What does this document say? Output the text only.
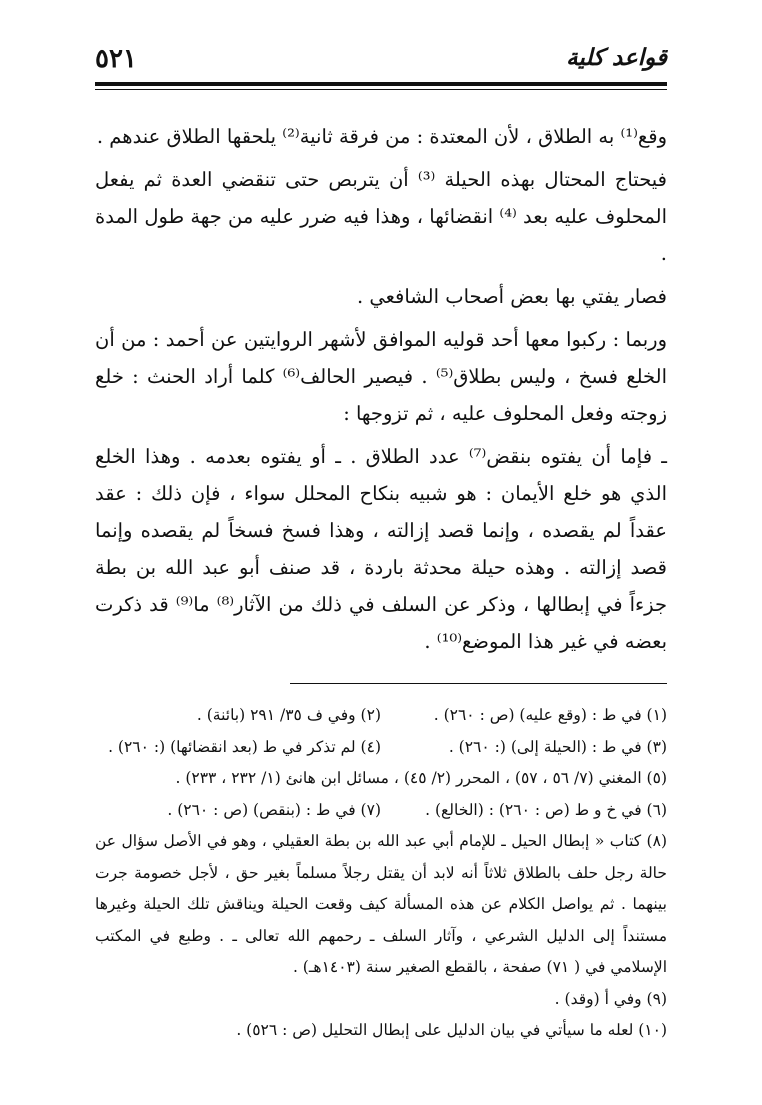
قواعد كلية
٥٢١

وقع⁽¹⁾ به الطلاق ، لأن المعتدة : من فرقة ثانية⁽²⁾ يلحقها الطلاق عندهم .

فيحتاج المحتال بهذه الحيلة ⁽³⁾ أن يتربص حتى تنقضي العدة ثم يفعل المحلوف عليه بعد ⁽⁴⁾ انقضائها ، وهذا فيه ضرر عليه من جهة طول المدة .

فصار يفتي بها بعض أصحاب الشافعي .

وربما : ركبوا معها أحد قوليه الموافق لأشهر الروايتين عن أحمد : من أن الخلع فسخ ، وليس بطلاق⁽⁵⁾ . فيصير الحالف⁽⁶⁾ كلما أراد الحنث : خلع زوجته وفعل المحلوف عليه ، ثم تزوجها :

ـ فإما أن يفتوه بنقض⁽⁷⁾ عدد الطلاق . ـ أو يفتوه بعدمه . وهذا الخلع الذي هو خلع الأيمان : هو شبيه بنكاح المحلل سواء ، فإن ذلك : عقد عقداً لم يقصده ، وإنما قصد إزالته ، وهذا فسخ فسخاً لم يقصده وإنما قصد إزالته . وهذه حيلة محدثة باردة ، قد صنف أبو عبد الله بن بطة جزءاً في إبطالها ، وذكر عن السلف في ذلك من الآثار⁽⁸⁾ ما⁽⁹⁾ قد ذكرت بعضه في غير هذا الموضع⁽¹⁰⁾ .

(١) في ط : (وقع عليه) (ص : ٢٦٠) .

(٢) وفي ف ٣٥/ ٢٩١ (بائنة) .

(٣) في ط : (الحيلة إلى) (: ٢٦٠) .

(٤) لم تذكر في ط (بعد انقضائها) (: ٢٦٠) .

(٥) المغني (٧/ ٥٦ ، ٥٧) ، المحرر (٢/ ٤٥) ، مسائل ابن هانئ (١/ ٢٣٢ ، ٢٣٣) .

(٦) في خ و ط (ص : ٢٦٠) : (الخالع) .

(٧) في ط : (بنقص) (ص : ٢٦٠) .

(٨) كتاب « إبطال الحيل ـ للإمام أبي عبد الله بن بطة العقيلي ، وهو في الأصل سؤال عن حالة رجل حلف بالطلاق ثلاثاً أنه لابد أن يقتل رجلاً مسلماً بغير حق ، لأجل خصومة جرت بينهما . ثم يواصل الكلام عن هذه المسألة كيف وقعت الحيلة ويناقش تلك الحيلة وغيرها مستنداً إلى الدليل الشرعي ، وآثار السلف ـ رحمهم الله تعالى ـ . وطبع في المكتب الإسلامي في ( ٧١) صفحة ، بالقطع الصغير سنة (١٤٠٣هـ) .

(٩) وفي أ (وقد) .

(١٠) لعله ما سيأتي في بيان الدليل على إبطال التحليل (ص : ٥٢٦) .
